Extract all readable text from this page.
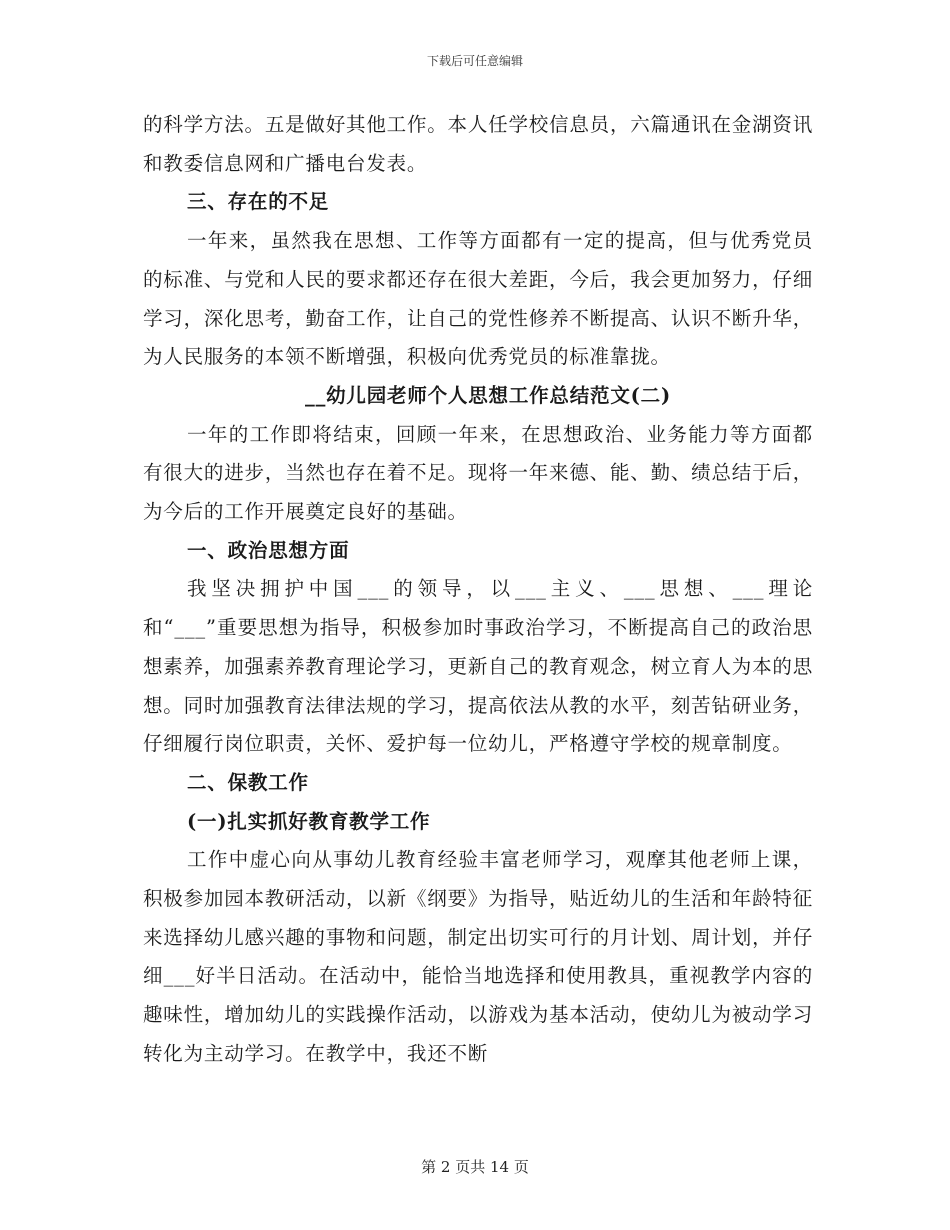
下载后可任意编辑

的科学方法。五是做好其他工作。本人任学校信息员，六篇通讯在金湖资讯和教委信息网和广播电台发表。

三、存在的不足

一年来，虽然我在思想、工作等方面都有一定的提高，但与优秀党员的标准、与党和人民的要求都还存在很大差距，今后，我会更加努力，仔细学习，深化思考，勤奋工作，让自己的党性修养不断提高、认识不断升华，为人民服务的本领不断增强，积极向优秀党员的标准靠拢。

__幼儿园老师个人思想工作总结范文(二)

一年的工作即将结束，回顾一年来，在思想政治、业务能力等方面都有很大的进步，当然也存在着不足。现将一年来德、能、勤、绩总结于后，为今后的工作开展奠定良好的基础。

一、政治思想方面

我坚决拥护中国___的领导，以___主义、___思想、___理论和“___”重要思想为指导，积极参加时事政治学习，不断提高自己的政治思想素养，加强素养教育理论学习，更新自己的教育观念，树立育人为本的思想。同时加强教育法律法规的学习，提高依法从教的水平，刻苦钻研业务，仔细履行岗位职责，关怀、爱护每一位幼儿，严格遵守学校的规章制度。

二、保教工作

(一)扎实抓好教育教学工作

工作中虚心向从事幼儿教育经验丰富老师学习，观摩其他老师上课，积极参加园本教研活动，以新《纲要》为指导，贴近幼儿的生活和年龄特征来选择幼儿感兴趣的事物和问题，制定出切实可行的月计划、周计划，并仔细___好半日活动。在活动中，能恰当地选择和使用教具，重视教学内容的趣味性，增加幼儿的实践操作活动，以游戏为基本活动，使幼儿为被动学习转化为主动学习。在教学中，我还不断

第 2 页共 14 页
